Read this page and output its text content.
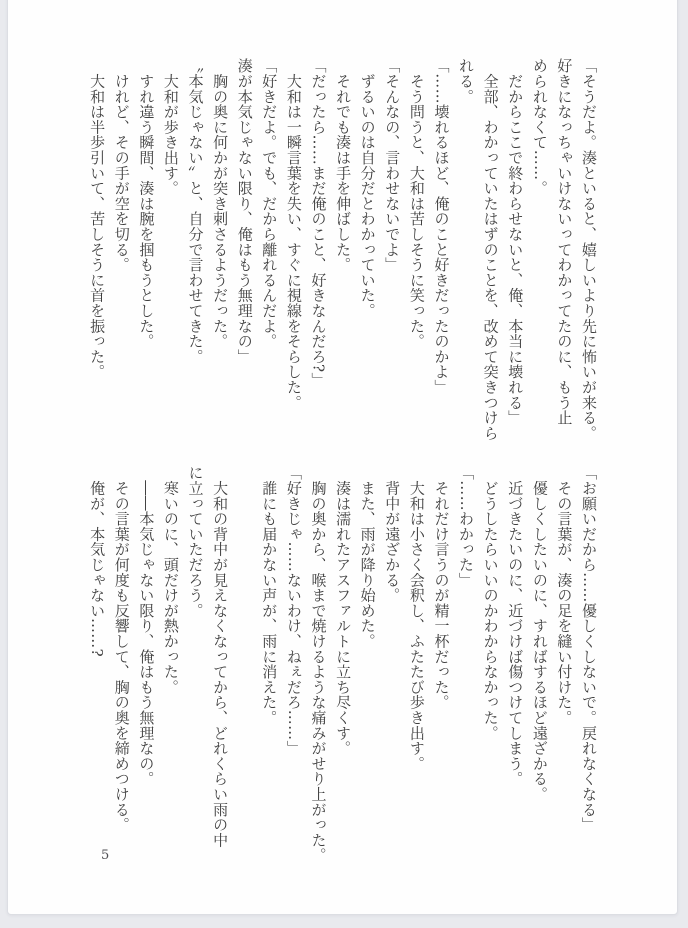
「そうだよ。湊といると、嬉しいより先に怖いが来る。
好きになっちゃいけないってわかってたのに、もう止
められなくて……。
　だからここで終わらせないと、俺、本当に壊れる」
　全部、わかっていたはずのことを、改めて突きつけら
れる。
「……壊れるほど、俺のこと好きだったのかよ」
　そう問うと、大和は苦しそうに笑った。
「そんなの、言わせないでよ」
　ずるいのは自分だとわかっていた。
　それでも湊は手を伸ばした。
「だったら……まだ俺のこと、好きなんだろ?」
　大和は一瞬言葉を失い、すぐに視線をそらした。
「好きだよ。でも、だから離れるんだよ。
湊が本気じゃない限り、俺はもう無理なの」
　胸の奥に何かが突き刺さるようだった。
〝本気じゃない〟と、自分で言わせてきた。
　大和が歩き出す。
　すれ違う瞬間、湊は腕を掴もうとした。
　けれど、その手が空を切る。
　大和は半歩引いて、苦しそうに首を振った。
「お願いだから……優しくしないで。戻れなくなる」
　その言葉が、湊の足を縫い付けた。
　優しくしたいのに、すればするほど遠ざかる。
　近づきたいのに、近づけば傷つけてしまう。
　どうしたらいいのかわからなかった。
「……わかった」
　それだけ言うのが精一杯だった。
　大和は小さく会釈し、ふたたび歩き出す。
　背中が遠ざかる。
　また、雨が降り始めた。
　湊は濡れたアスファルトに立ち尽くす。
　胸の奥から、喉まで焼けるような痛みがせり上がった。
「好きじゃ……ないわけ、ねぇだろ……」
　誰にも届かない声が、雨に消えた。

　大和の背中が見えなくなってから、どれくらい雨の中
に立っていただろう。
　寒いのに、頭だけが熱かった。
　――本気じゃない限り、俺はもう無理なの。
　その言葉が何度も反響して、胸の奥を締めつける。
　俺が、本気じゃない……?
5
